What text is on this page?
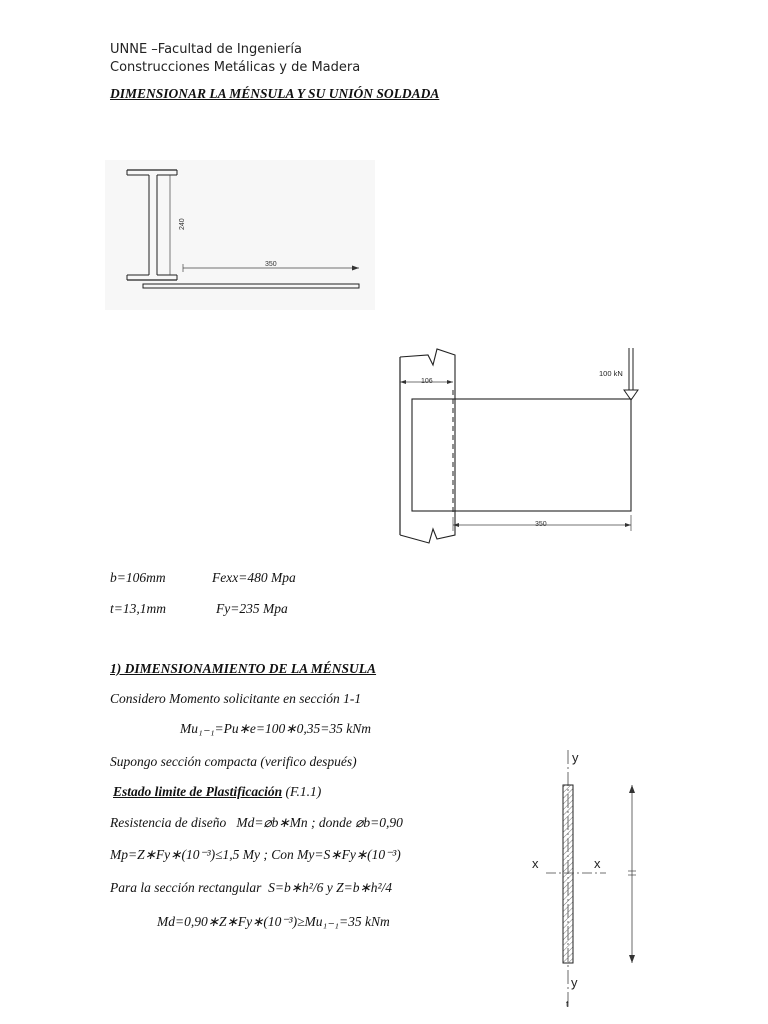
UNNE –Facultad de Ingeniería
Construcciones Metálicas y de Madera
DIMENSIONAR LA MÉNSULA Y SU UNIÓN SOLDADA
240
350
106
100 kN
350
b=106mm	Fexx=480 Mpa
t=13,1mm	Fy=235 Mpa
1) DIMENSIONAMIENTO DE LA MÉNSULA
Considero Momento solicitante en sección 1-1
Mu₁₋₁=Pu∗e=100∗0,35=35 kNm
Supongo sección compacta (verifico después)
Estado limite de Plastificación (F.1.1)
Resistencia de diseño Md=⌀b∗Mn ; donde ⌀b=0,90
Mp=Z∗Fy∗(10⁻³)≤1,5 My ; Con My=S∗Fy∗(10⁻³)
Para la sección rectangular S=b∗h²/6 y Z=b∗h²/4
Md=0,90∗Z∗Fy∗(10⁻³)≥Mu₁₋₁=35 kNm
y
x	x
y
t
